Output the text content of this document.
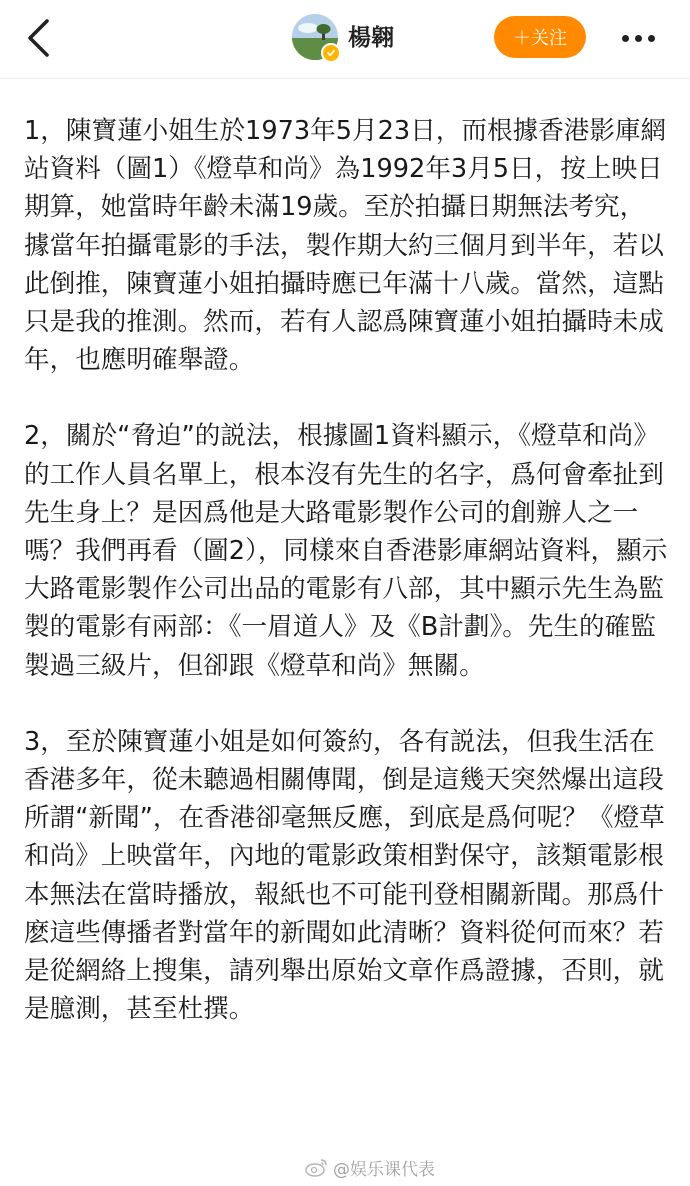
楊翱	＋关注

1，陳寶蓮小姐生於1973年5月23日，而根據香港影庫網站資料（圖1）《燈草和尚》為1992年3月5日，按上映日期算，她當時年齡未滿19歲。至於拍攝日期無法考究，據當年拍攝電影的手法，製作期大約三個月到半年，若以此倒推，陳寶蓮小姐拍攝時應已年滿十八歲。當然，這點只是我的推測。然而，若有人認爲陳寶蓮小姐拍攝時未成年，也應明確舉證。

2，關於“脅迫”的説法，根據圖1資料顯示，《燈草和尚》的工作人員名單上，根本沒有先生的名字，爲何會牽扯到先生身上？是因爲他是大路電影製作公司的創辦人之一嗎？我們再看（圖2），同樣來自香港影庫網站資料，顯示大路電影製作公司出品的電影有八部，其中顯示先生為監製的電影有兩部：《一眉道人》及《B計劃》。先生的確監製過三級片，但卻跟《燈草和尚》無關。

3，至於陳寶蓮小姐是如何簽約，各有説法，但我生活在香港多年，從未聽過相關傳聞，倒是這幾天突然爆出這段所謂“新聞”，在香港卻毫無反應，到底是爲何呢？《燈草和尚》上映當年，內地的電影政策相對保守，該類電影根本無法在當時播放，報紙也不可能刊登相關新聞。那爲什麽這些傳播者對當年的新聞如此清晰？資料從何而來？若是從網絡上搜集，請列舉出原始文章作爲證據，否則，就是臆測，甚至杜撰。

@娱乐课代表
